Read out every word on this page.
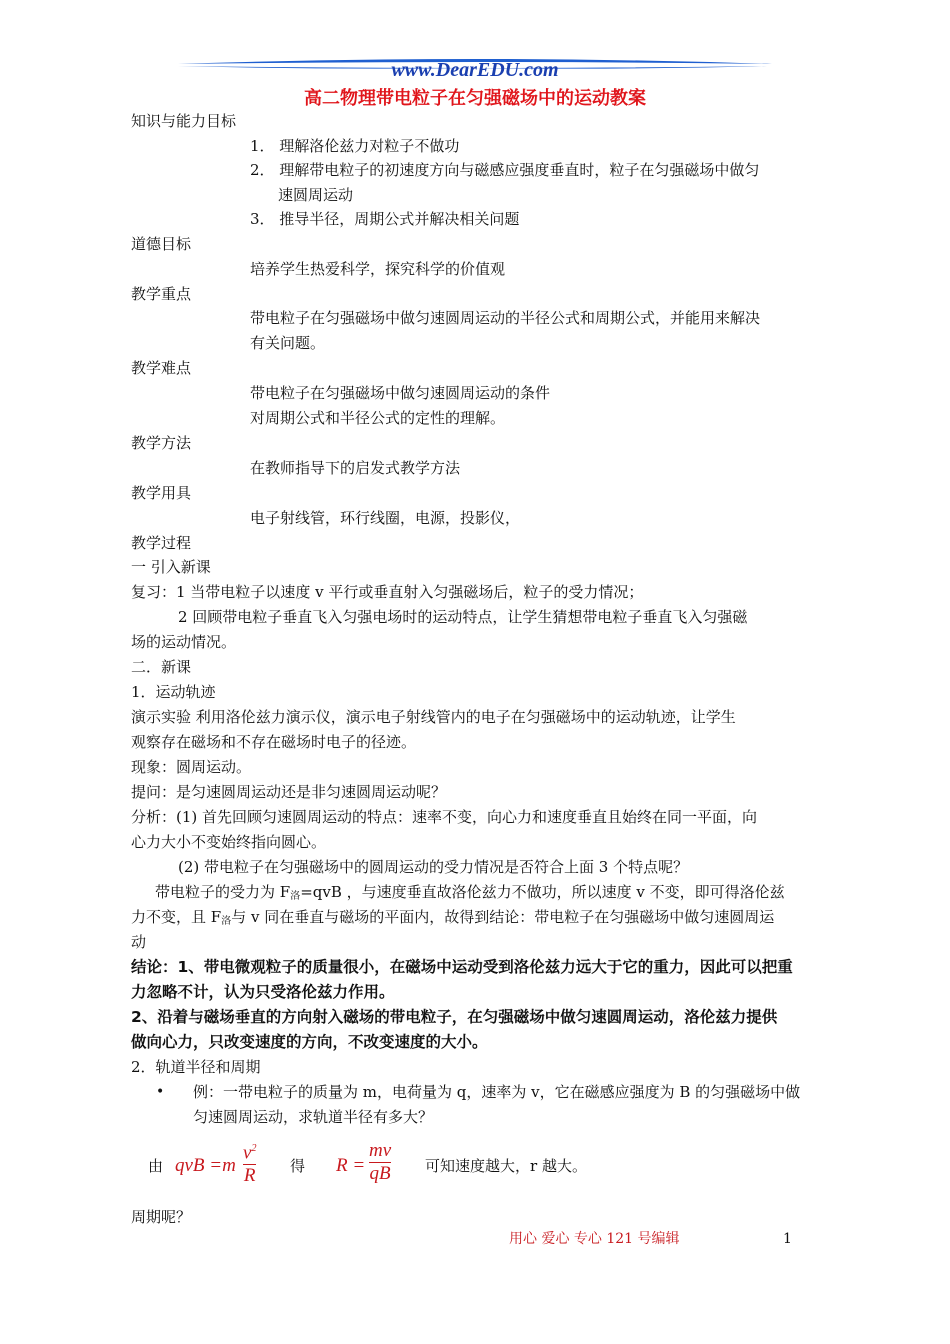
www.DearEDU.com
高二物理带电粒子在匀强磁场中的运动教案
知识与能力目标
1． 理解洛伦兹力对粒子不做功
2． 理解带电粒子的初速度方向与磁感应强度垂直时，粒子在匀强磁场中做匀
速圆周运动
3． 推导半径，周期公式并解决相关问题
道德目标
培养学生热爱科学，探究科学的价值观
教学重点
带电粒子在匀强磁场中做匀速圆周运动的半径公式和周期公式，并能用来解决
有关问题。
教学难点
带电粒子在匀强磁场中做匀速圆周运动的条件
对周期公式和半径公式的定性的理解。
教学方法
在教师指导下的启发式教学方法
教学用具
电子射线管，环行线圈，电源，投影仪，
教学过程
一 引入新课
复习：1 当带电粒子以速度 v 平行或垂直射入匀强磁场后，粒子的受力情况；
2 回顾带电粒子垂直飞入匀强电场时的运动特点，让学生猜想带电粒子垂直飞入匀强磁
场的运动情况。
二．新课
1．运动轨迹
演示实验 利用洛伦兹力演示仪，演示电子射线管内的电子在匀强磁场中的运动轨迹，让学生
观察存在磁场和不存在磁场时电子的径迹。
现象：圆周运动。
提问：是匀速圆周运动还是非匀速圆周运动呢？
分析：(1) 首先回顾匀速圆周运动的特点：速率不变，向心力和速度垂直且始终在同一平面，向
心力大小不变始终指向圆心。
(2) 带电粒子在匀强磁场中的圆周运动的受力情况是否符合上面 3 个特点呢？
带电粒子的受力为 $F_洛=qvB$ ，与速度垂直故洛伦兹力不做功，所以速度 v 不变，即可得洛伦兹
力不变，且 $F_洛$与 v 同在垂直与磁场的平面内，故得到结论：带电粒子在匀强磁场中做匀速圆周运
动
结论：1、带电微观粒子的质量很小，在磁场中运动受到洛伦兹力远大于它的重力，因此可以把重
力忽略不计，认为只受洛伦兹力作用。
2、沿着与磁场垂直的方向射入磁场的带电粒子，在匀强磁场中做匀速圆周运动，洛伦兹力提供
做向心力，只改变速度的方向，不改变速度的大小。
2．轨道半径和周期
• 例：一带电粒子的质量为 m，电荷量为 q，速率为 v，它在磁感应强度为 B 的匀强磁场中做
匀速圆周运动，求轨道半径有多大？
由 qvB =m
$v^2$
R 得 R =
mv
qB 可知速度越大，r 越大。
周期呢？
用心 爱心 专心 121 号编辑	1
